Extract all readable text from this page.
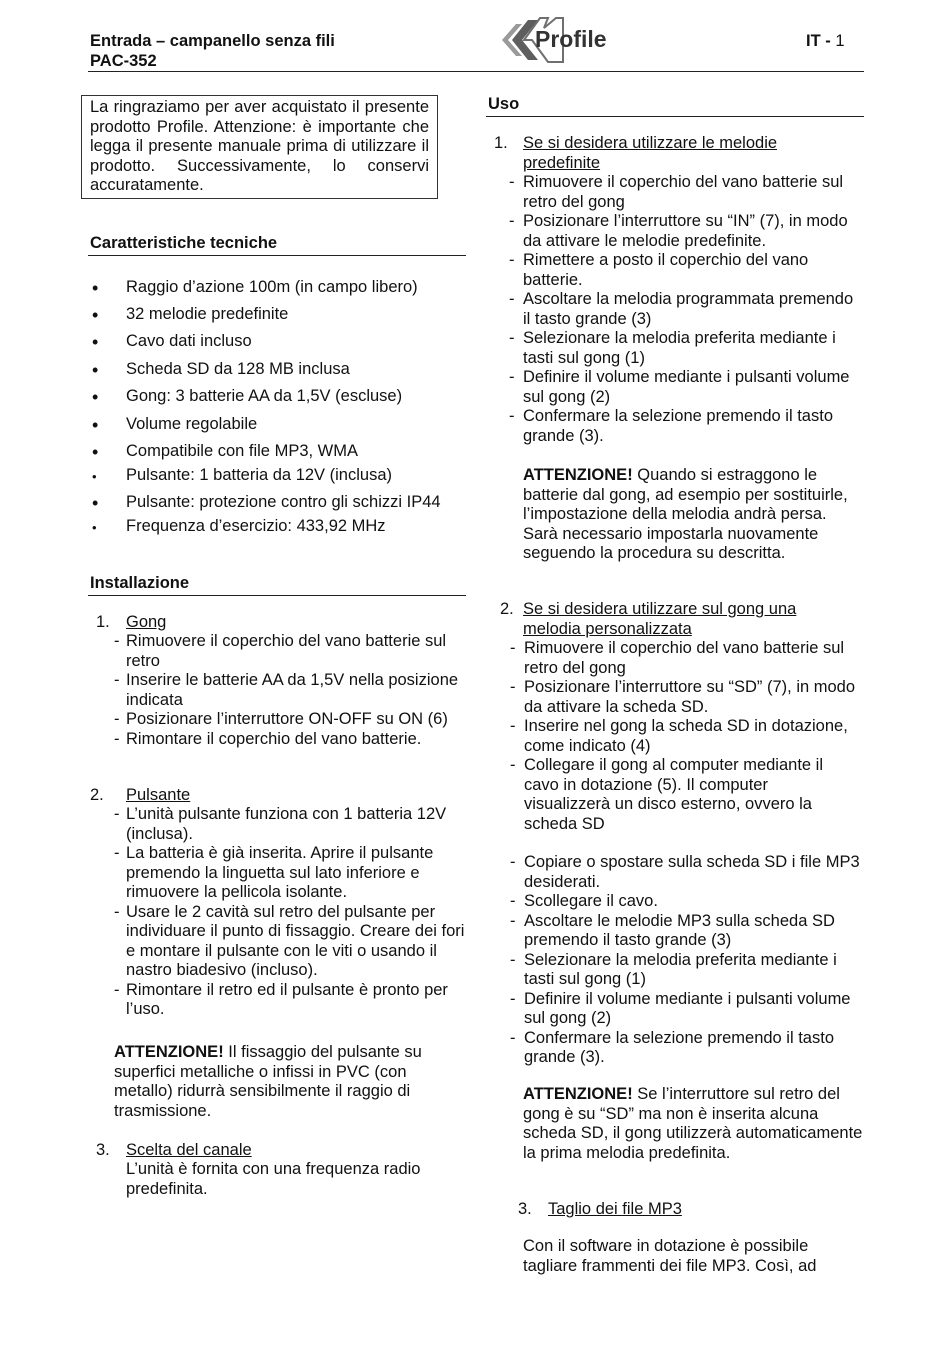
Entrada – campanello senza fili
PAC-352
Profile	IT - 1
La ringraziamo per aver acquistato il presente prodotto Profile. Attenzione: è importante che legga il presente manuale prima di utilizzare il prodotto. Successivamente, lo conservi accuratamente.
Caratteristiche tecniche
• Raggio d’azione 100m (in campo libero)
• 32 melodie predefinite
• Cavo dati incluso
• Scheda SD da 128 MB inclusa
• Gong: 3 batterie AA da 1,5V (escluse)
• Volume regolabile
• Compatibile con file MP3, WMA
• Pulsante: 1 batteria da 12V (inclusa)
• Pulsante: protezione contro gli schizzi IP44
• Frequenza d’esercizio: 433,92 MHz
Installazione
1. Gong
- Rimuovere il coperchio del vano batterie sul retro
- Inserire le batterie AA da 1,5V nella posizione indicata
- Posizionare l’interruttore ON-OFF su ON (6)
- Rimontare il coperchio del vano batterie.
2. Pulsante
- L’unità pulsante funziona con 1 batteria 12V (inclusa).
- La batteria è già inserita. Aprire il pulsante premendo la linguetta sul lato inferiore e rimuovere la pellicola isolante.
- Usare le 2 cavità sul retro del pulsante per individuare il punto di fissaggio. Creare dei fori e montare il pulsante con le viti o usando il nastro biadesivo (incluso).
- Rimontare il retro ed il pulsante è pronto per l’uso.
ATTENZIONE! Il fissaggio del pulsante su superfici metalliche o infissi in PVC (con metallo) ridurrà sensibilmente il raggio di trasmissione.
3. Scelta del canale
L’unità è fornita con una frequenza radio predefinita.
Uso
1. Se si desidera utilizzare le melodie predefinite
- Rimuovere il coperchio del vano batterie sul retro del gong
- Posizionare l’interruttore su “IN” (7), in modo da attivare le melodie predefinite.
- Rimettere a posto il coperchio del vano batterie.
- Ascoltare la melodia programmata premendo il tasto grande (3)
- Selezionare la melodia preferita mediante i tasti sul gong (1)
- Definire il volume mediante i pulsanti volume sul gong (2)
- Confermare la selezione premendo il tasto grande (3).
ATTENZIONE! Quando si estraggono le batterie dal gong, ad esempio per sostituirle, l’impostazione della melodia andrà persa. Sarà necessario impostarla nuovamente seguendo la procedura su descritta.
2. Se si desidera utilizzare sul gong una melodia personalizzata
- Rimuovere il coperchio del vano batterie sul retro del gong
- Posizionare l’interruttore su “SD” (7), in modo da attivare la scheda SD.
- Inserire nel gong la scheda SD in dotazione, come indicato (4)
- Collegare il gong al computer mediante il cavo in dotazione (5). Il computer visualizzerà un disco esterno, ovvero la scheda SD
- Copiare o spostare sulla scheda SD i file MP3 desiderati.
- Scollegare il cavo.
- Ascoltare le melodie MP3 sulla scheda SD premendo il tasto grande (3)
- Selezionare la melodia preferita mediante i tasti sul gong (1)
- Definire il volume mediante i pulsanti volume sul gong (2)
- Confermare la selezione premendo il tasto grande (3).
ATTENZIONE! Se l’interruttore sul retro del gong è su “SD” ma non è inserita alcuna scheda SD, il gong utilizzerà automaticamente la prima melodia predefinita.
3. Taglio dei file MP3
Con il software in dotazione è possibile tagliare frammenti dei file MP3. Così, ad
